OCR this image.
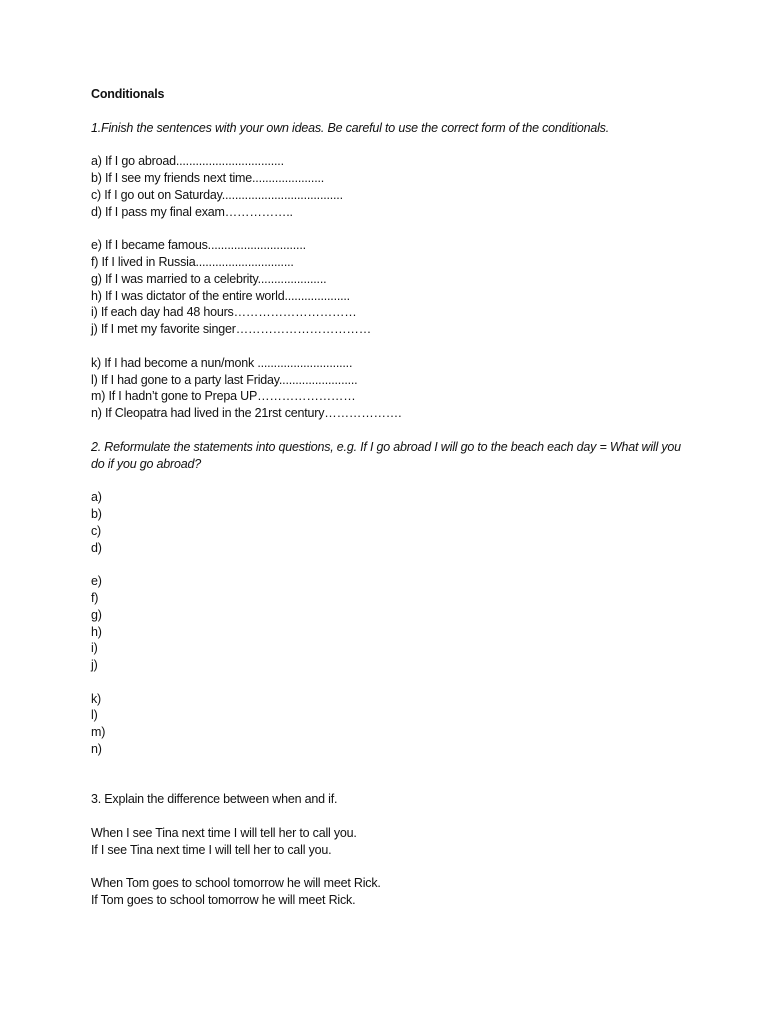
Conditionals
1.Finish the sentences with your own ideas. Be careful to use the correct form of the conditionals.
a) If I go abroad.................................
b) If I see my friends next time......................
c) If I go out on Saturday.....................................
d) If I pass my final exam……………..
e) If I became famous..............................
f) If I lived in Russia..............................
g) If I was married to a celebrity.....................
h) If I was dictator of the entire world....................
i) If each day had 48 hours…………………………
j) If I met my favorite singer……………………………
k) If I had become a nun/monk .............................
l) If I had gone to a party last Friday........................
m) If I hadn’t gone to Prepa UP……………………
n) If Cleopatra had lived in the 21rst century……………….
2. Reformulate the statements into questions, e.g. If I go abroad I will go to the beach each day = What will you do if you go abroad?
a)
b)
c)
d)
e)
f)
g)
h)
i)
j)
k)
l)
m)
n)
3. Explain the difference between when and if.
When I see Tina next time I will tell her to call you.
If I see Tina next time I will tell her to call you.
When Tom goes to school tomorrow he will meet Rick.
If Tom goes to school tomorrow he will meet Rick.
